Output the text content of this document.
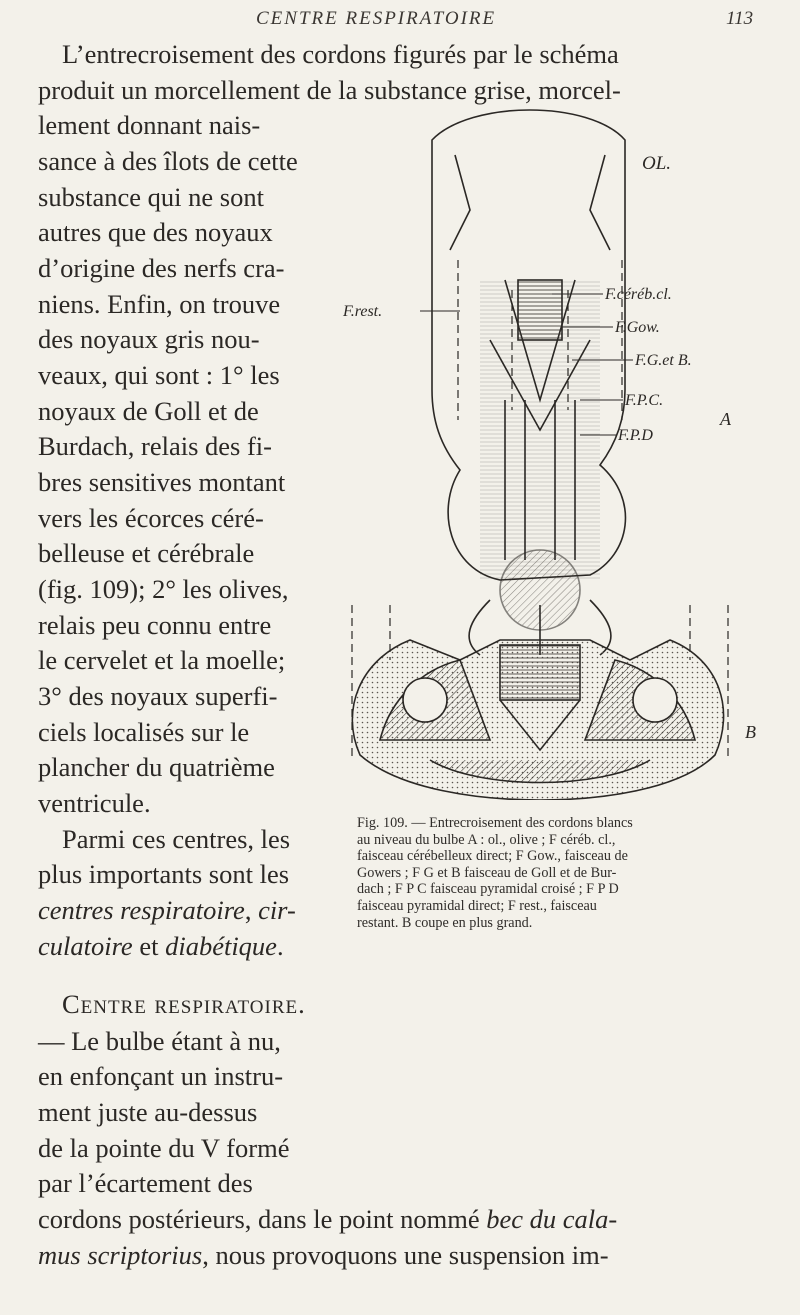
CENTRE RESPIRATOIRE	113
L’entrecroisement des cordons figurés par le schéma
produit un morcellement de la substance grise, morcel-
lement donnant nais-
sance à des îlots de cette
substance qui ne sont
autres que des noyaux
d’origine des nerfs cra-
niens. Enfin, on trouve
des noyaux gris nou-
veaux, qui sont : 1° les
noyaux de Goll et de
Burdach, relais des fi-
bres sensitives montant
vers les écorces céré-
belleuse et cérébrale
(fig. 109); 2° les olives,
relais peu connu entre
le cervelet et la moelle;
3° des noyaux superfi-
ciels localisés sur le
plancher du quatrième
ventricule.
Parmi ces centres, les
plus importants sont les
centres respiratoire, cir-
culatoire et diabétique.
Centre respiratoire.
— Le bulbe étant à nu,
en enfonçant un instru-
ment juste au-dessus
de la pointe du V formé
par l’écartement des
cordons postérieurs, dans le point nommé bec du cala-
mus scriptorius, nous provoquons une suspension im-
OL.
F.céréb.cl.
F.rest.
F.Gow.
F.G.et B.
F.P.C.
A
F.P.D
B
Fig. 109. — Entrecroisement des cordons blancs
au niveau du bulbe A : ol., olive ; F céréb. cl.,
faisceau cérébelleux direct; F Gow., faisceau de
Gowers ; F G et B faisceau de Goll et de Bur-
dach ; F P C faisceau pyramidal croisé ; F P D
faisceau pyramidal direct; F rest., faisceau
restant. B coupe en plus grand.
